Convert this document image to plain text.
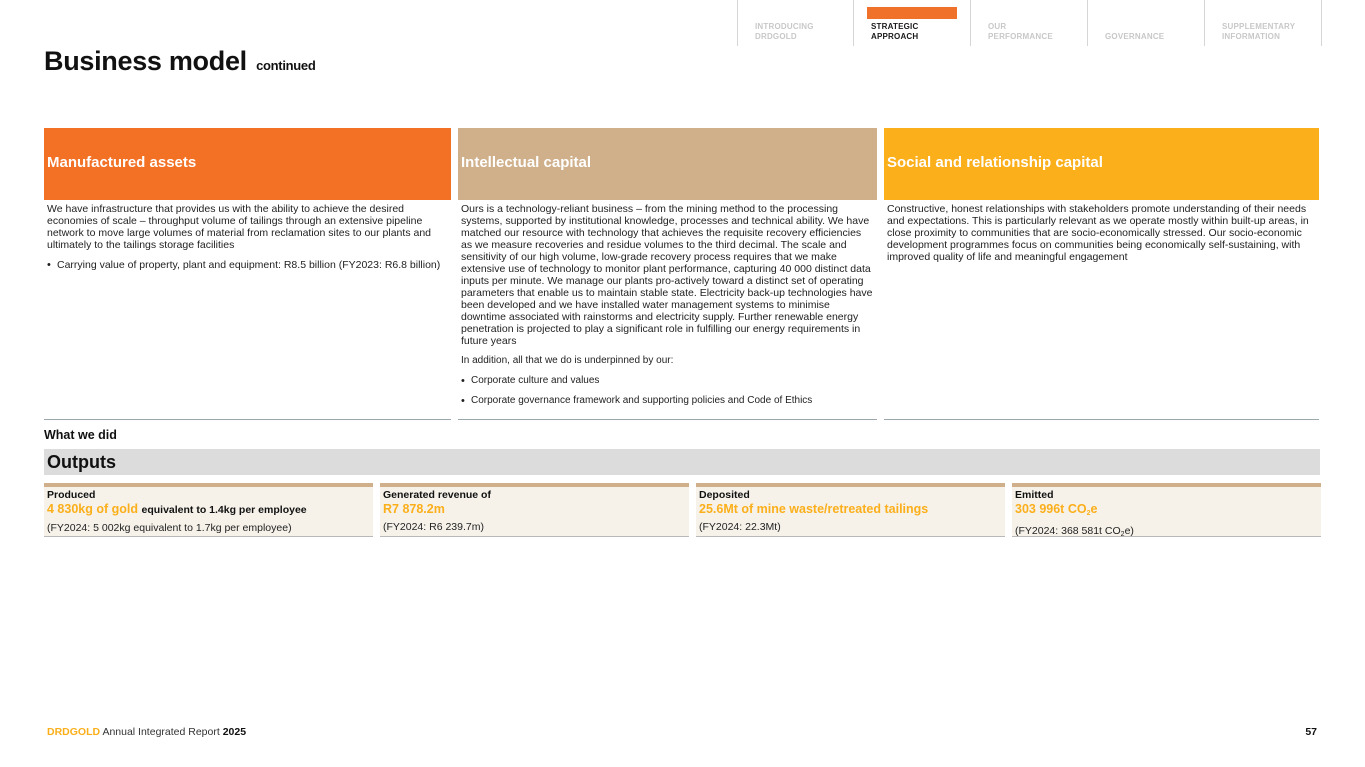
INTRODUCING
DRDGOLD
STRATEGIC
APPROACH
OUR
PERFORMANCE	
GOVERNANCE
SUPPLEMENTARY
INFORMATION
Business model continued
Manufactured assets

We have infrastructure that provides us with the ability to achieve the desired economies of scale – throughput volume of tailings through an extensive pipeline network to move large volumes of material from reclamation sites to our plants and ultimately to the tailings storage facilities

• Carrying value of property, plant and equipment: R8.5 billion (FY2023: R6.8 billion)
Intellectual capital

Ours is a technology-reliant business – from the mining method to the processing systems, supported by institutional knowledge, processes and technical ability. We have matched our resource with technology that achieves the requisite recovery efficiencies as we measure recoveries and residue volumes to the third decimal. The scale and sensitivity of our high volume, low-grade recovery process requires that we make extensive use of technology to monitor plant performance, capturing 40 000 distinct data inputs per minute. We manage our plants pro-actively toward a distinct set of operating parameters that enable us to maintain stable state. Electricity back-up technologies have been developed and we have installed water management systems to minimise downtime associated with rainstorms and electricity supply. Further renewable energy penetration is projected to play a significant role in fulfilling our energy requirements in future years

In addition, all that we do is underpinned by our:

• Corporate culture and values
• Corporate governance framework and supporting policies and Code of Ethics
Social and relationship capital

Constructive, honest relationships with stakeholders promote understanding of their needs and expectations. This is particularly relevant as we operate mostly within built-up areas, in close proximity to communities that are socio-economically stressed. Our socio-economic development programmes focus on communities being economically self-sustaining, with improved quality of life and meaningful engagement

What we did
Outputs
Produced
4 830kg of gold equivalent to 1.4kg per employee
(FY2024: 5 002kg equivalent to 1.7kg per employee)
Generated revenue of
R7 878.2m
(FY2024: R6 239.7m)
Deposited
25.6Mt of mine waste/retreated tailings
(FY2024: 22.3Mt)
Emitted
303 996t $CO_2e$
(FY2024: 368 581t $CO_2e$)
DRDGOLD Annual Integrated Report 2025	57
